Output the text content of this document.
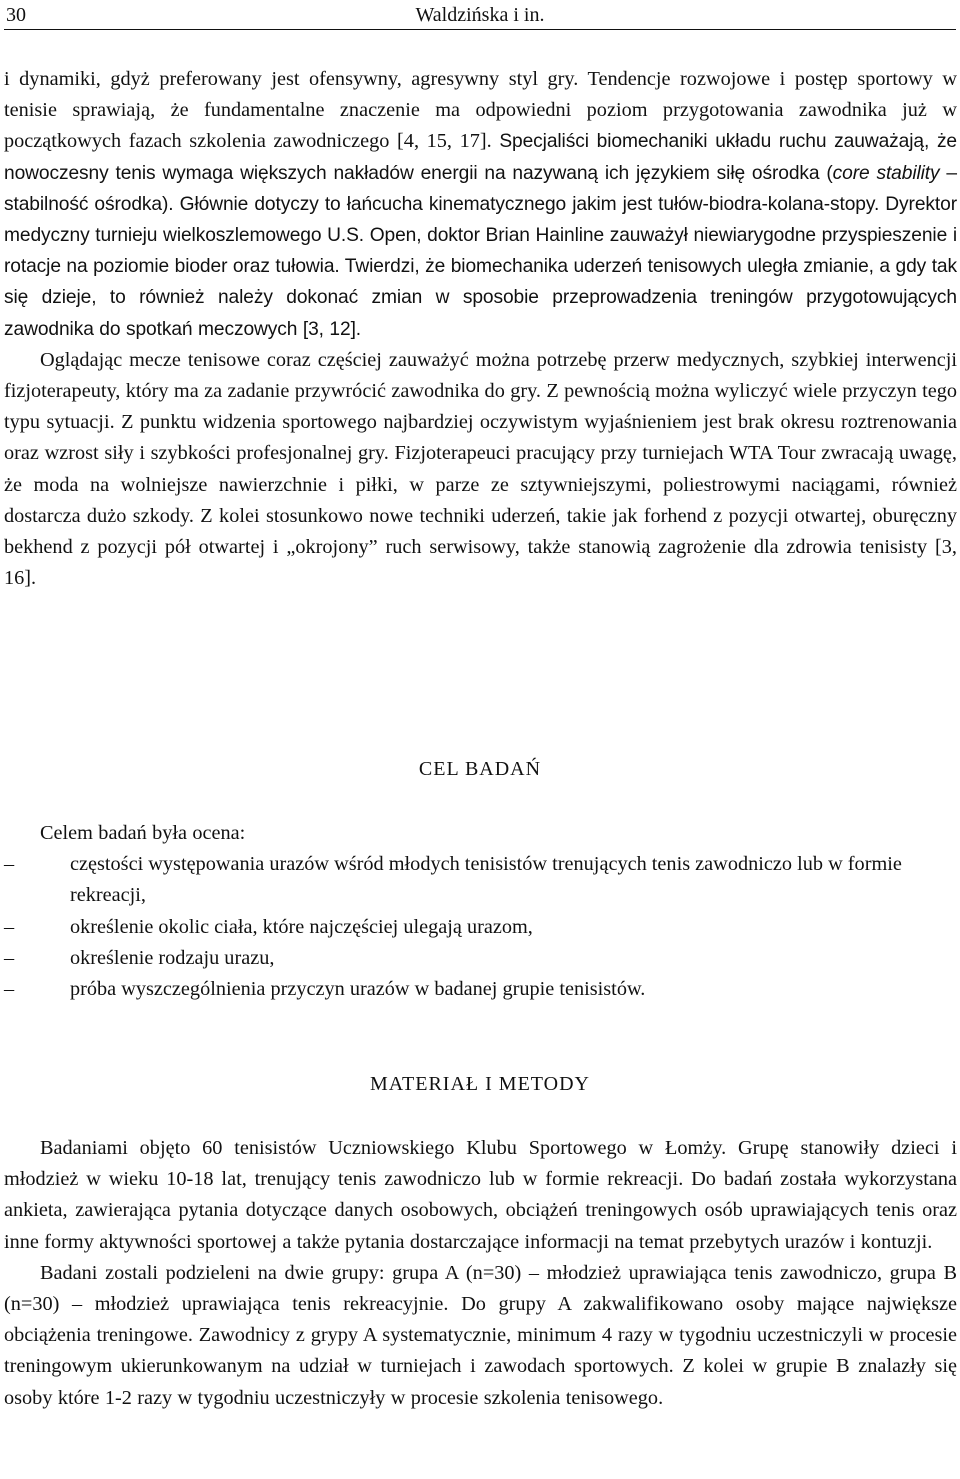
30	Waldzińska i in.

i dynamiki, gdyż preferowany jest ofensywny, agresywny styl gry. Tendencje rozwojowe i postęp sportowy w tenisie sprawiają, że fundamentalne znaczenie ma odpowiedni poziom przygotowania zawodnika już w początkowych fazach szkolenia zawodniczego [4, 15, 17]. Specjaliści biomechaniki układu ruchu zauważają, że nowoczesny tenis wymaga większych nakładów energii na nazywaną ich językiem siłę ośrodka (core stability – stabilność ośrodka). Głównie dotyczy to łańcucha kinematycznego jakim jest tułów-biodra-kolana-stopy. Dyrektor medyczny turnieju wielkoszlemowego U.S. Open, doktor Brian Hainline zauważył niewiarygodne przyspieszenie i rotacje na poziomie bioder oraz tułowia. Twierdzi, że biomechanika uderzeń tenisowych uległa zmianie, a gdy tak się dzieje, to również należy dokonać zmian w sposobie przeprowadzenia treningów przygotowujących zawodnika do spotkań meczowych [3, 12].

Oglądając mecze tenisowe coraz częściej zauważyć można potrzebę przerw medycznych, szybkiej interwencji fizjoterapeuty, który ma za zadanie przywrócić zawodnika do gry. Z pewnością można wyliczyć wiele przyczyn tego typu sytuacji. Z punktu widzenia sportowego najbardziej oczywistym wyjaśnieniem jest brak okresu roztrenowania oraz wzrost siły i szybkości profesjonalnej gry. Fizjoterapeuci pracujący przy turniejach WTA Tour zwracają uwagę, że moda na wolniejsze nawierzchnie i piłki, w parze ze sztywniejszymi, poliestrowymi naciągami, również dostarcza dużo szkody. Z kolei stosunkowo nowe techniki uderzeń, takie jak forhend z pozycji otwartej, oburęczny bekhend z pozycji pół otwartej i „okrojony” ruch serwisowy, także stanowią zagrożenie dla zdrowia tenisisty [3, 16].

CEL BADAŃ

Celem badań była ocena:

–	częstości występowania urazów wśród młodych tenisistów trenujących tenis zawodniczo lub w formie rekreacji,
–	określenie okolic ciała, które najczęściej ulegają urazom,
–	określenie rodzaju urazu,
–	próba wyszczególnienia przyczyn urazów w badanej grupie tenisistów.
MATERIAŁ I METODY

Badaniami objęto 60 tenisistów Uczniowskiego Klubu Sportowego w Łomży. Grupę stanowiły dzieci i młodzież w wieku 10-18 lat, trenujący tenis zawodniczo lub w formie rekreacji. Do badań została wykorzystana ankieta, zawierająca pytania dotyczące danych osobowych, obciążeń treningowych osób uprawiających tenis oraz inne formy aktywności sportowej a także pytania dostarczające informacji na temat przebytych urazów i kontuzji.

Badani zostali podzieleni na dwie grupy: grupa A (n=30) – młodzież uprawiająca tenis zawodniczo, grupa B (n=30) – młodzież uprawiająca tenis rekreacyjnie. Do grupy A zakwalifikowano osoby mające największe obciążenia treningowe. Zawodnicy z grypy A systematycznie, minimum 4 razy w tygodniu uczestniczyli w procesie treningowym ukierunkowanym na udział w turniejach i zawodach sportowych. Z kolei w grupie B znalazły się osoby które 1-2 razy w tygodniu uczestniczyły w procesie szkolenia tenisowego.
